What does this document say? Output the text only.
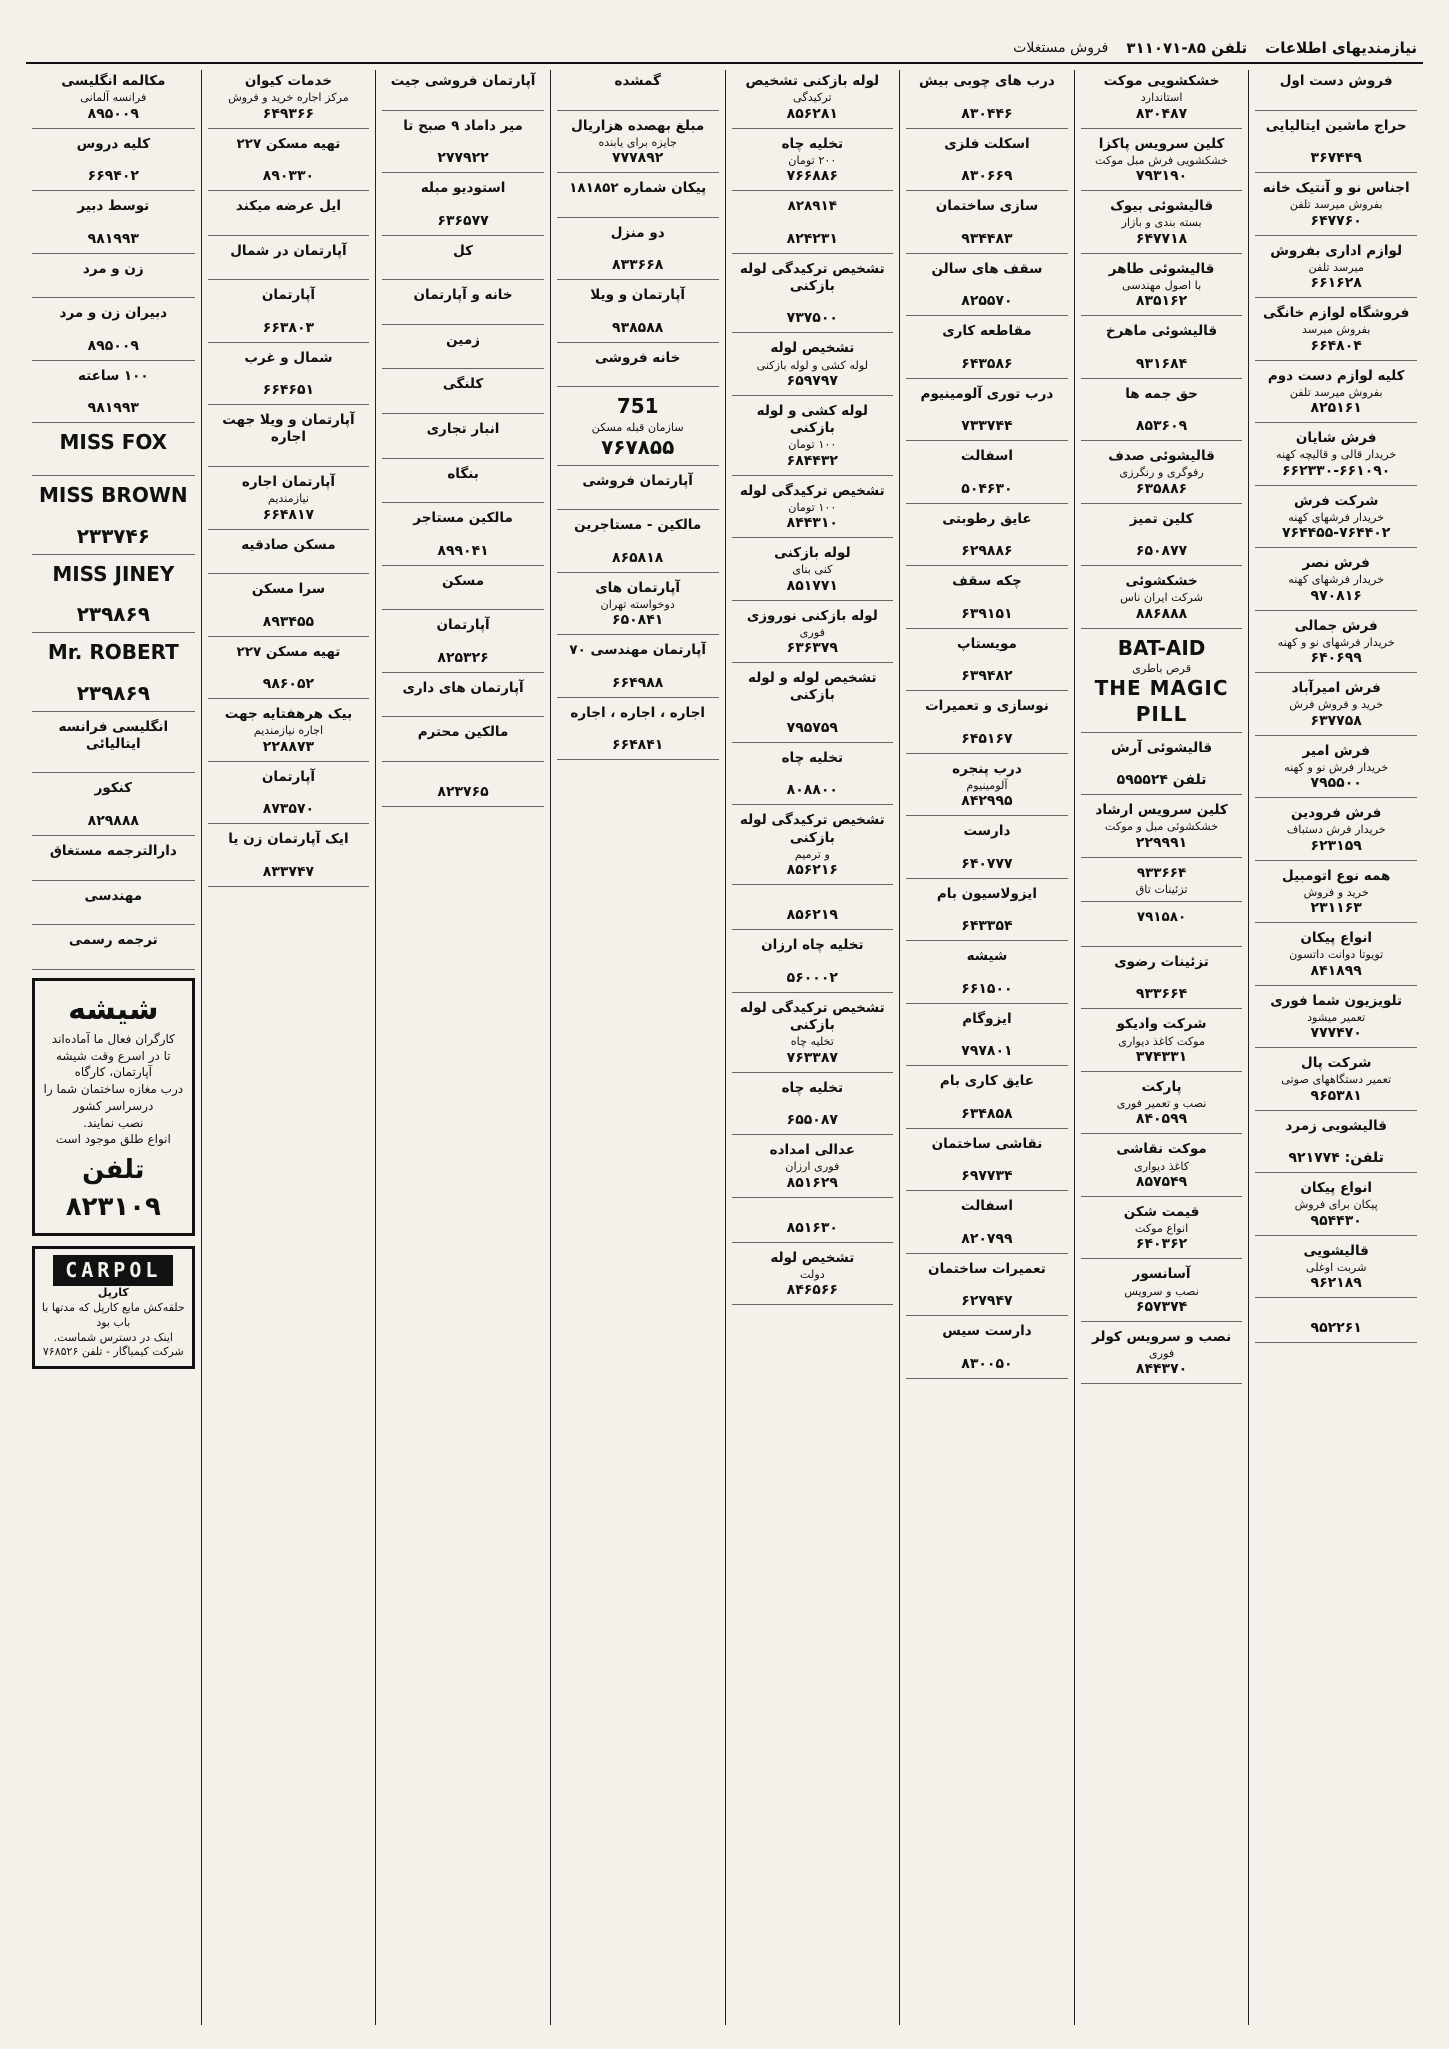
نیازمندیهای اطلاعات
تلفن ۸۵-۳۱۱۰۷۱
فروش مستغلات
فروش دست اول

حراج ماشین ایتالیایی

۳۶۷۴۴۹
اجناس نو و آنتیک خانه
بفروش میرسد تلفن

۶۴۷۷۶۰
لوازم ادارى بفروش
میرسد تلفن

۶۶۱۶۲۸
فروشگاه لوازم خانگی
بفروش میرسد

۶۶۴۸۰۴
کلیه لوازم دست دوم
بفروش میرسد تلفن

۸۲۵۱۶۱
فرش شایان
خریدار قالی و قالیچه کهنه

۶۶۲۳۳۰-۶۶۱۰۹۰
شرکت فرش
خریدار فرشهای کهنه

۷۶۴۴۵۵-۷۶۴۴۰۲
فرش نصر
خریدار فرشهای کهنه

۹۷۰۸۱۶
فرش جمالی
خریدار فرشهای نو و کهنه

۶۴۰۶۹۹
فرش امیرآباد
خرید و فروش فرش

۶۳۷۷۵۸
فرش امیر
خریدار فرش نو و کهنه

۷۹۵۵۰۰
فرش فرودین
خریدار فرش دستباف

۶۲۳۱۵۹
همه نوع اتومبیل
خرید و فروش

۲۳۱۱۶۳
انواع پیکان
تویوتا دوانت داتسون

۸۴۱۸۹۹
تلویزیون شما فوری
تعمیر میشود

۷۷۷۴۷۰
شرکت پال
تعمیر دستگاههای صوتی

۹۶۵۳۸۱
قالیشویی زمرد

تلفن: ۹۲۱۷۷۴
انواع پیکان
پیکان برای فروش

۹۵۴۴۳۰
قالیشویی
شربت اوغلی

۹۶۲۱۸۹

۹۵۲۲۶۱
خشکشویی موکت
استاندارد

۸۳۰۴۸۷
کلین سرویس پاکزا
خشکشویی فرش مبل موکت

۷۹۳۱۹۰
قالیشوئی بیوک
بسته بندی و بازار

۶۴۷۷۱۸
قالیشوئی طاهر
با اصول مهندسی

۸۳۵۱۶۲
قالیشوئی ماهرخ

۹۳۱۶۸۴
حق جمه ها

۸۵۳۶۰۹
قالیشوئی صدف
رفوگری و رنگرزی

۶۳۵۸۸۶
کلین تمیز

۶۵۰۸۷۷
خشکشوئی
شرکت ایران ناس

۸۸۶۸۸۸
BAT-AID
قرص باطری

THE MAGIC PILL
قالیشوئی آرش

تلفن ۵۹۵۵۲۴
کلین سرویس ارشاد
خشکشوئی مبل و موکت

۲۲۹۹۹۱
۹۳۳۶۶۴
تزئینات تاق

۷۹۱۵۸۰

تزئینات رضوی

۹۳۳۶۶۴
شرکت وادیکو
موکت کاغذ دیواری

۳۷۴۳۳۱
پارکت
نصب و تعمیر فوری

۸۴۰۵۹۹
موکت نقاشی
کاغذ دیواری

۸۵۷۵۴۹
قیمت شکن
انواع موکت

۶۴۰۳۶۲
آسانسور
نصب و سرویس

۶۵۷۳۷۴
نصب و سرویس کولر
فوری

۸۴۴۳۷۰
درب های چوبی بیش

۸۳۰۴۴۶
اسکلت فلزی

۸۳۰۶۶۹
سازی ساختمان

۹۳۴۴۸۳
سقف های سالن

۸۲۵۵۷۰
مقاطعه کاری

۶۴۳۵۸۶
درب توری آلومینیوم

۷۳۳۷۴۴
اسفالت

۵۰۴۶۳۰
عایق رطوبتی

۶۲۹۸۸۶
چکه سقف

۶۳۹۱۵۱
مویستاپ

۶۳۹۴۸۲
نوسازی و تعمیرات

۶۴۵۱۶۷
درب پنجره
آلومینیوم

۸۴۲۹۹۵
دارست

۶۴۰۷۷۷
ایزولاسیون بام

۶۴۳۳۵۴
شیشه

۶۶۱۵۰۰
ایزوگام

۷۹۷۸۰۱
عایق کاری بام

۶۳۴۸۵۸
نقاشی ساختمان

۶۹۷۷۳۴
اسفالت

۸۲۰۷۹۹
تعمیرات ساختمان

۶۲۷۹۴۷
دارست سیس

۸۳۰۰۵۰
لوله بازکنی تشخیص
ترکیدگی

۸۵۶۲۸۱
تخلیه چاه
۲۰۰ تومان

۷۶۶۸۸۶
۸۲۸۹۱۴

۸۲۴۲۳۱
تشخیص ترکیدگی لوله بازکنی

۷۳۷۵۰۰
تشخیص لوله
لوله کشی و لوله بازکنی

۶۵۹۷۹۷
لوله کشی و لوله بازکنی
۱۰۰ تومان

۶۸۴۴۳۲
تشخیص ترکیدگی لوله
۱۰۰ تومان

۸۴۴۳۱۰
لوله بازکنی
کنی بنای

۸۵۱۷۷۱
لوله بازکنی نوروزی
فوری

۶۳۶۳۷۹
تشخیص لوله و لوله بازکنی

۷۹۵۷۵۹
تخلیه چاه

۸۰۸۸۰۰
تشخیص ترکیدگی لوله بازکنی
و ترمیم

۸۵۶۲۱۶

۸۵۶۲۱۹
تخلیه چاه ارزان

۵۶۰۰۰۲
تشخیص ترکیدگی لوله بازکنی
تخلیه چاه

۷۶۳۳۸۷
تخلیه چاه

۶۵۵۰۸۷
عدالی امداده
فوری ارزان

۸۵۱۶۲۹

۸۵۱۶۳۰
تشخیص لوله
دولت

۸۴۶۵۶۶
گمشده

مبلغ بهصده هزاریال
جایزه برای یابنده

۷۷۷۸۹۲
پیکان شماره ۱۸۱۸۵۲

دو منزل

۸۳۳۶۶۸
آپارتمان و ویلا

۹۳۸۵۸۸
خانه فروشی

751
سازمان قبله مسکن

۷۶۷۸۵۵
آپارتمان فروشی

مالکین - مستاجرین

۸۶۵۸۱۸
آپارتمان های
دوخواسته تهران

۶۵۰۸۴۱
آپارتمان مهندسی ۷۰

۶۶۴۹۸۸
اجاره ، اجاره ، اجاره

۶۶۴۸۴۱
آپارتمان فروشی جیت

میر داماد ۹ صبح تا

۲۷۷۹۲۲
استودیو مبله

۶۳۶۵۷۷
کل

خانه و آپارتمان

زمین

کلنگی

انبار تجاری

بنگاه

مالکین مستاجر

۸۹۹۰۴۱
مسکن

آپارتمان

۸۲۵۳۲۶
آپارتمان های داری

مالکین محترم

۸۲۳۷۶۵
خدمات کیوان
مرکز اجاره خرید و فروش

۶۴۹۳۶۶
تهیه مسکن ۲۲۷

۸۹۰۳۳۰
ایل عرضه میکند

آپارتمان در شمال

آپارتمان

۶۶۳۸۰۳
شمال و غرب

۶۶۴۶۵۱
آپارتمان و ویلا جهت اجاره

آپارتمان اجاره
نیازمندیم

۶۶۴۸۱۷
مسکن صادقیه

سرا مسکن

۸۹۳۴۵۵
تهیه مسکن ۲۲۷

۹۸۶۰۵۲
بیک هرهفتایه جهت
اجاره نیازمندیم

۲۲۸۸۷۳
آپارتمان

۸۷۳۵۷۰
ایک آپارتمان زن یا

۸۳۳۷۴۷
مکالمه انگلیسی
فرانسه آلمانی

۸۹۵۰۰۹
کلیه دروس

۶۶۹۴۰۲
توسط دبیر

۹۸۱۹۹۳
زن و مرد

دبیران زن و مرد

۸۹۵۰۰۹
۱۰۰ ساعته

۹۸۱۹۹۳
MISS FOX

MISS BROWN

۲۳۳۷۴۶
MISS JINEY

۲۳۹۸۶۹
Mr. ROBERT

۲۳۹۸۶۹
انگلیسی فرانسه ایتالیائی

کنکور

۸۲۹۸۸۸
دارالترجمه مستغاق

مهندسی

ترجمه رسمی

شیشه
کارگران فعال ما آماده‌اند
تا در اسرع وقت شیشه آپارتمان، کارگاه
درب مغازه ساختمان شما را درسراسر کشور
نصب نمایند.
انواع طلق موجود است
تلفن ۸۲۳۱۰۹
CARPOL کارپل
حلقه‌کش مایع کارپل که مدتها با باب بود
اینک در دسترس شماست.
شرکت کیمیاگار - تلفن ۷۶۸۵۲۶
